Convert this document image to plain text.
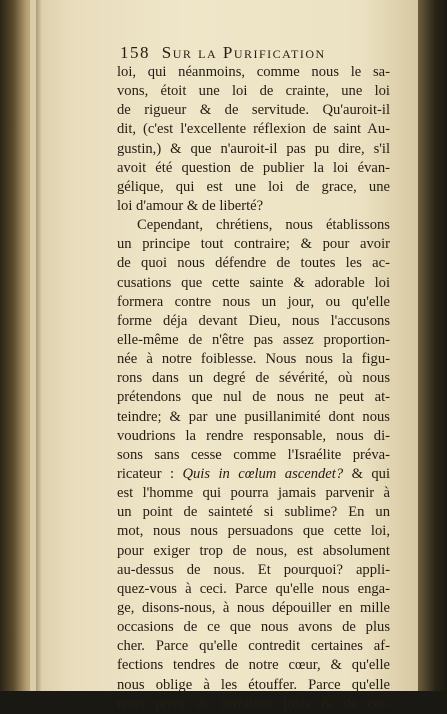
158 Sur la Purification
loi, qui néanmoins, comme nous le sa-
vons, étoit une loi de crainte, une loi
de rigueur & de servitude. Qu'auroit-il
dit, (c'est l'excellente réflexion de saint Au-
gustin,) & que n'auroit-il pas pu dire, s'il
avoit été question de publier la loi évan-
gélique, qui est une loi de grace, une
loi d'amour & de liberté?
Cependant, chrétiens, nous établissons
un principe tout contraire; & pour avoir
de quoi nous défendre de toutes les ac-
cusations que cette sainte & adorable loi
formera contre nous un jour, ou qu'elle
forme déja devant Dieu, nous l'accusons
elle-même de n'être pas assez proportion-
née à notre foiblesse. Nous nous la figu-
rons dans un degré de sévérité, où nous
prétendons que nul de nous ne peut at-
teindre; & par une pusillanimité dont nous
voudrions la rendre responsable, nous di-
sons sans cesse comme l'Israélite préva-
ricateur : Quis in cœlum ascendet? & qui
est l'homme qui pourra jamais parvenir à
un point de sainteté si sublime? En un
mot, nous nous persuadons que cette loi,
pour exiger trop de nous, est absolument
au-dessus de nous. Et pourquoi? appli-
quez-vous à ceci. Parce qu'elle nous enga-
ge, disons-nous, à nous dépouiller en mille
occasions de ce que nous avons de plus
cher. Parce qu'elle contredit certaines af-
fections tendres de notre cœur, & qu'elle
nous oblige à les étouffer. Parce qu'elle
nous prive de certaines joies & de cer-
